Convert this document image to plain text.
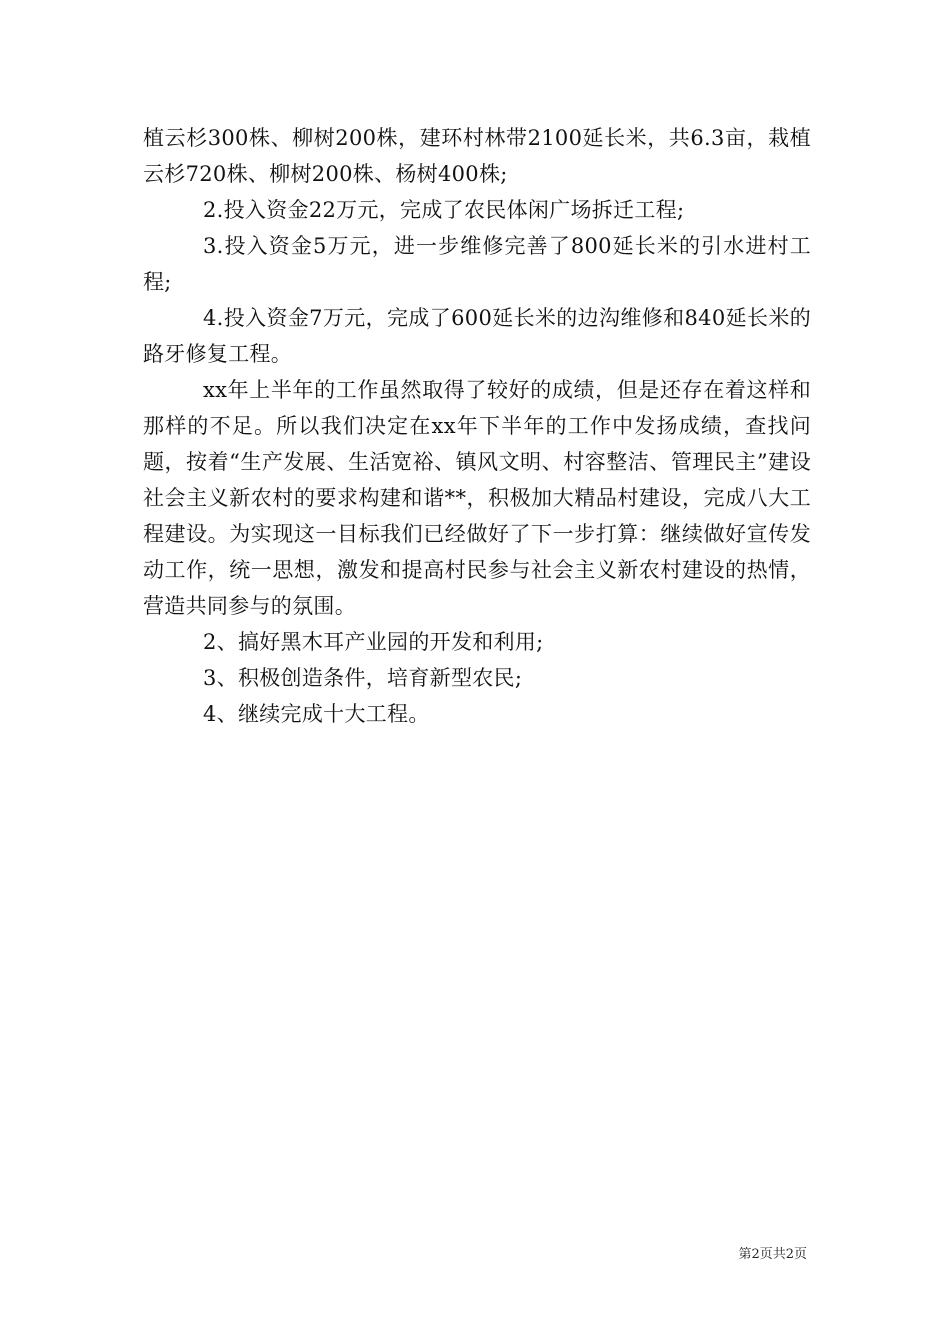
植云杉300株、柳树200株，建环村林带2100延长米，共6.3亩，栽植云杉720株、柳树200株、杨树400株;

2.投入资金22万元，完成了农民体闲广场拆迁工程;

3.投入资金5万元，进一步维修完善了800延长米的引水进村工程;

4.投入资金7万元，完成了600延长米的边沟维修和840延长米的路牙修复工程。

xx年上半年的工作虽然取得了较好的成绩，但是还存在着这样和那样的不足。所以我们决定在xx年下半年的工作中发扬成绩，查找问题，按着“生产发展、生活宽裕、镇风文明、村容整洁、管理民主”建设社会主义新农村的要求构建和谐**，积极加大精品村建设，完成八大工程建设。为实现这一目标我们已经做好了下一步打算：继续做好宣传发动工作，统一思想，激发和提高村民参与社会主义新农村建设的热情，营造共同参与的氛围。

2、搞好黑木耳产业园的开发和利用;

3、积极创造条件，培育新型农民;

4、继续完成十大工程。

第2页共2页
